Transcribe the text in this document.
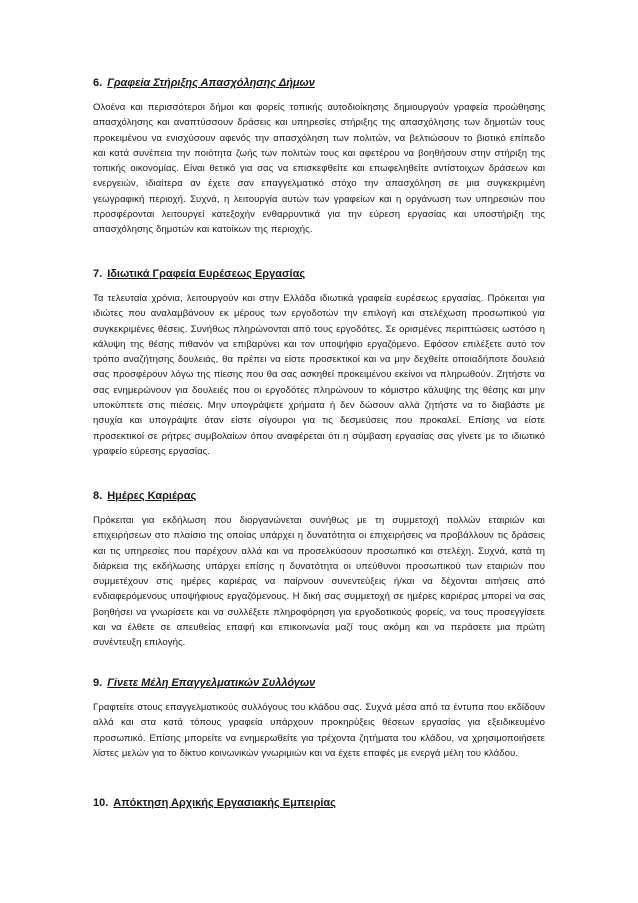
6. Γραφεία Στήριξης Απασχόλησης Δήμων

Ολοένα και περισσότεροι δήμοι και φορείς τοπικής αυτοδιοίκησης δημιουργούν γραφεία προώθησης απασχόλησης και αναπτύσσουν δράσεις και υπηρεσίες στήριξης της απασχόλησης των δημοτών τους προκειμένου να ενισχύσουν αφενός την απασχόληση των πολιτών, να βελτιώσουν το βιοτικό επίπεδο και κατά συνέπεια την ποιότητα ζωής των πολιτών τους και αφετέρου να βοηθήσουν στην στήριξη της τοπικής οικονομίας. Είναι θετικό για σας να επισκεφθείτε και επωφεληθείτε αντίστοιχων δράσεων και ενεργειών, ιδιαίτερα αν έχετε σαν επαγγελματικό στόχο την απασχόληση σε μια συγκεκριμένη γεωγραφική περιοχή. Συχνά, η λειτουργία αυτών των γραφείων και η οργάνωση των υπηρεσιών που προσφέρονται λειτουργεί κατεξοχήν ενθαρρυντικά για την εύρεση εργασίας και υποστήριξη της απασχόλησης δημοτών και κατοίκων της περιοχής.

7. Ιδιωτικά Γραφεία Ευρέσεως Εργασίας

Τα τελευταία χρόνια, λειτουργούν και στην Ελλάδα ιδιωτικά γραφεία ευρέσεως εργασίας. Πρόκειται για ιδιώτες που αναλαμβάνουν εκ μέρους των εργοδοτών την επιλογή και στελέχωση προσωπικού για συγκεκριμένες θέσεις. Συνήθως πληρώνονται από τους εργοδότες. Σε ορισμένες περιπτώσεις ωστόσο η κάλυψη της θέσης πιθανόν να επιβαρύνει και τον υποψήφιο εργαζόμενο. Εφόσον επιλέξετε αυτό τον τρόπο αναζήτησης δουλειάς, θα πρέπει να είστε προσεκτικοί και να μην δεχθείτε οποιαδήποτε δουλειά σας προσφέρουν λόγω της πίεσης που θα σας ασκηθεί προκειμένου εκείνοι να πληρωθούν. Ζητήστε να σας ενημερώνουν για δουλειές που οι εργοδότες πληρώνουν το κόμιστρο κάλυψης της θέσης και μην υποκύπτετε στις πιέσεις. Μην υπογράψετε χρήματα ή δεν δώσουν αλλά ζητήστε να το διαβάστε με ησυχία και υπογράψτε όταν είστε σίγουροι για τις δεσμεύσεις που προκαλεί. Επίσης να είστε προσεκτικοί σε ρήτρες συμβολαίων όπου αναφέρεται ότι η σύμβαση εργασίας σας γίνετε με το ιδιωτικό γραφείο εύρεσης εργασίας.

8. Ημέρες Καριέρας

Πρόκειται για εκδήλωση που διοργανώνεται συνήθως με τη συμμετοχή πολλών εταιριών και επιχειρήσεων στο πλαίσιο της οποίας υπάρχει η δυνατότητα οι επιχειρήσεις να προβάλλουν τις δράσεις και τις υπηρεσίες που παρέχουν αλλά και να προσελκύσουν προσωπικό και στελέχη. Συχνά, κατά τη διάρκεια της εκδήλωσης υπάρχει επίσης η δυνατότητα οι υπεύθυνοι προσωπικού των εταιριών που συμμετέχουν στις ημέρες καριέρας να παίρνουν συνεντεύξεις ή/και να δέχονται αιτήσεις από ενδιαφερόμενους υποψήφιους εργαζόμενους. Η δική σας συμμετοχή σε ημέρες καριέρας μπορεί να σας βοηθήσει να γνωρίσετε και να συλλέξετε πληροφόρηση για εργοδοτικούς φορείς, να τους προσεγγίσετε και να έλθετε σε απευθείας επαφή και επικοινωνία μαζί τους ακόμη και να περάσετε μια πρώτη συνέντευξη επιλογής.

9. Γίνετε Μέλη Επαγγελματικών Συλλόγων

Γραφτείτε στους επαγγελματικούς συλλόγους του κλάδου σας. Συχνά μέσα από τα έντυπα που εκδίδουν αλλά και στα κατά τόπους γραφεία υπάρχουν προκηρύξεις θέσεων εργασίας για εξειδικευμένο προσωπικό. Επίσης μπορείτε να ενημερωθείτε για τρέχοντα ζητήματα του κλάδου, να χρησιμοποιήσετε λίστες μελών για το δίκτυο κοινωνικών γνωριμιών και να έχετε επαφές με ενεργά μέλη του κλάδου.

10. Απόκτηση Αρχικής Εργασιακής Εμπειρίας
